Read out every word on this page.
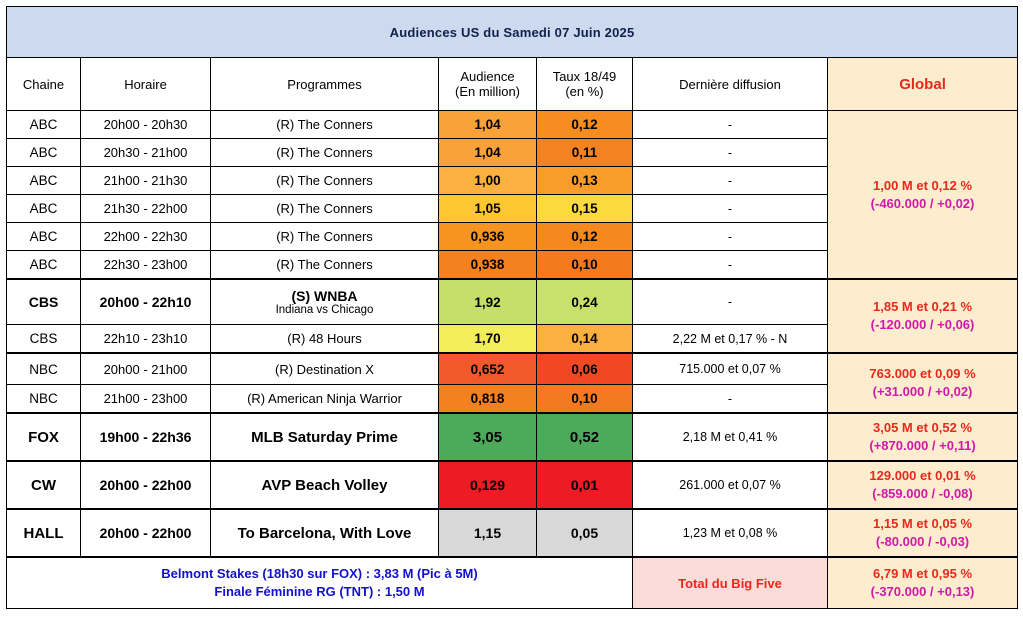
Audiences US du Samedi 07 Juin 2025						
Chaine	Horaire	Programmes	Audience
(En million)	Taux 18/49
(en %)	Dernière diffusion	Global
ABC	20h00 - 20h30	(R) The Conners	1,04	0,12	-	1,00 M et 0,12 %
(-460.000 / +0,02)

ABC	20h30 - 21h00	(R) The Conners	1,04	0,11	-	
ABC	21h00 - 21h30	(R) The Conners	1,00	0,13	-	
ABC	21h30 - 22h00	(R) The Conners	1,05	0,15	-	
ABC	22h00 - 22h30	(R) The Conners	0,936	0,12	-	
ABC	22h30 - 23h00	(R) The Conners	0,938	0,10	-	
CBS	20h00 - 22h10	(S) WNBA
Indiana vs Chicago	1,92	0,24	-	1,85 M et 0,21 %
(-120.000 / +0,06)

CBS	22h10 - 23h10	(R) 48 Hours	1,70	0,14	2,22 M et 0,17 % - N	
NBC	20h00 - 21h00	(R) Destination X	0,652	0,06	715.000 et 0,07 %	763.000 et 0,09 %
(+31.000 / +0,02)

NBC	21h00 - 23h00	(R) American Ninja Warrior	0,818	0,10	-	
FOX	19h00 - 22h36	MLB Saturday Prime	3,05	0,52	2,18 M et 0,41 %	3,05 M et 0,52 %
(+870.000 / +0,11)

CW	20h00 - 22h00	AVP Beach Volley	0,129	0,01	261.000 et 0,07 %	129.000 et 0,01 %
(-859.000 / -0,08)

HALL	20h00 - 22h00	To Barcelona, With Love	1,15	0,05	1,23 M et 0,08 %	1,15 M et 0,05 %
(-80.000 / -0,03)

Belmont Stakes (18h30 sur FOX) : 3,83 M (Pic à 5M)
Finale Féminine RG (TNT) : 1,50 M
	Total du Big Five	
6,79 M et 0,95 %
(-370.000 / +0,13)
